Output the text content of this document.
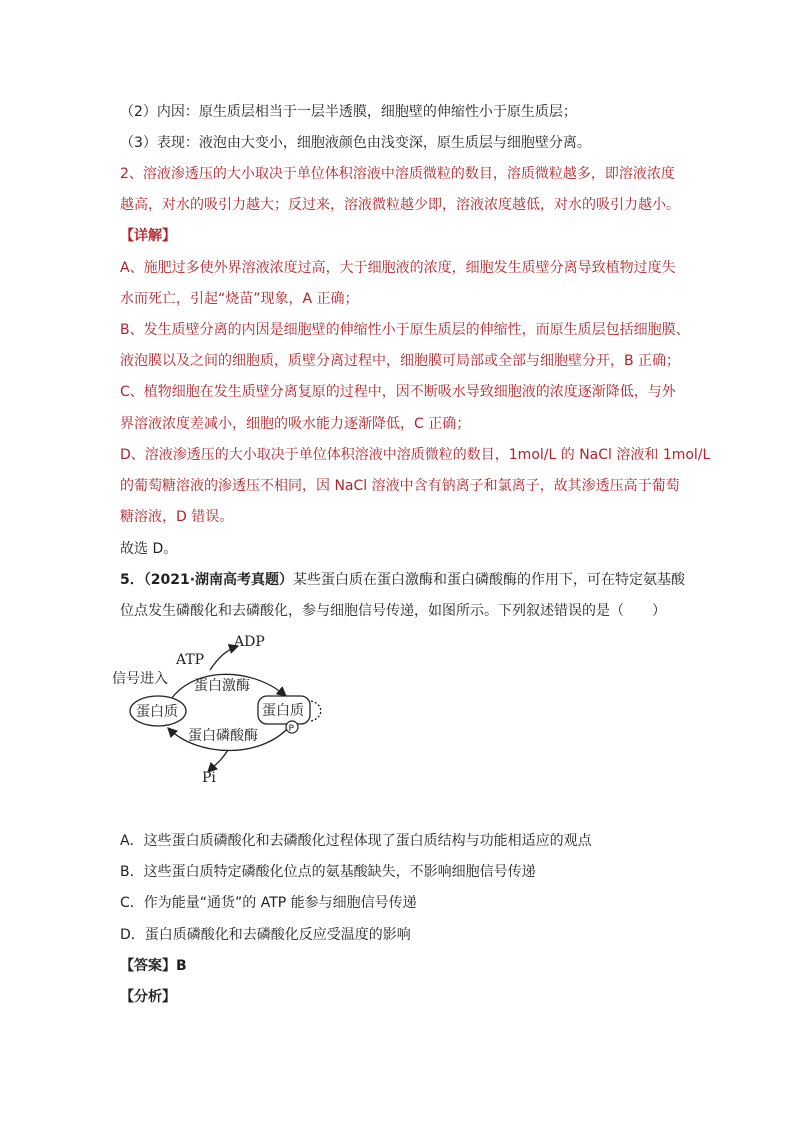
（2）内因：原生质层相当于一层半透膜，细胞壁的伸缩性小于原生质层；
（3）表现：液泡由大变小，细胞液颜色由浅变深，原生质层与细胞壁分离。
2、溶液渗透压的大小取决于单位体积溶液中溶质微粒的数目，溶质微粒越多，即溶液浓度
越高，对水的吸引力越大；反过来，溶液微粒越少即，溶液浓度越低，对水的吸引力越小。
【详解】
A、施肥过多使外界溶液浓度过高，大于细胞液的浓度，细胞发生质壁分离导致植物过度失
水而死亡，引起“烧苗”现象，A 正确；
B、发生质壁分离的内因是细胞壁的伸缩性小于原生质层的伸缩性，而原生质层包括细胞膜、
液泡膜以及之间的细胞质，质壁分离过程中，细胞膜可局部或全部与细胞壁分开，B 正确；
C、植物细胞在发生质壁分离复原的过程中，因不断吸水导致细胞液的浓度逐渐降低，与外
界溶液浓度差减小，细胞的吸水能力逐渐降低，C 正确；
D、溶液渗透压的大小取决于单位体积溶液中溶质微粒的数目，1mol/L 的 NaCl 溶液和 1mol/L
的葡萄糖溶液的渗透压不相同，因 NaCl 溶液中含有钠离子和氯离子，故其渗透压高于葡萄
糖溶液，D 错误。
故选 D。
5．（2021·湖南高考真题）某些蛋白质在蛋白激酶和蛋白磷酸酶的作用下，可在特定氨基酸
位点发生磷酸化和去磷酸化，参与细胞信号传递，如图所示。下列叙述错误的是（　　）
ADP
ATP
信号进入 蛋白激酶
蛋白质	蛋白质
P
蛋白磷酸酶
Pi
A．这些蛋白质磷酸化和去磷酸化过程体现了蛋白质结构与功能相适应的观点
B．这些蛋白质特定磷酸化位点的氨基酸缺失，不影响细胞信号传递
C．作为能量“通货”的 ATP 能参与细胞信号传递
D．蛋白质磷酸化和去磷酸化反应受温度的影响
【答案】B
【分析】
